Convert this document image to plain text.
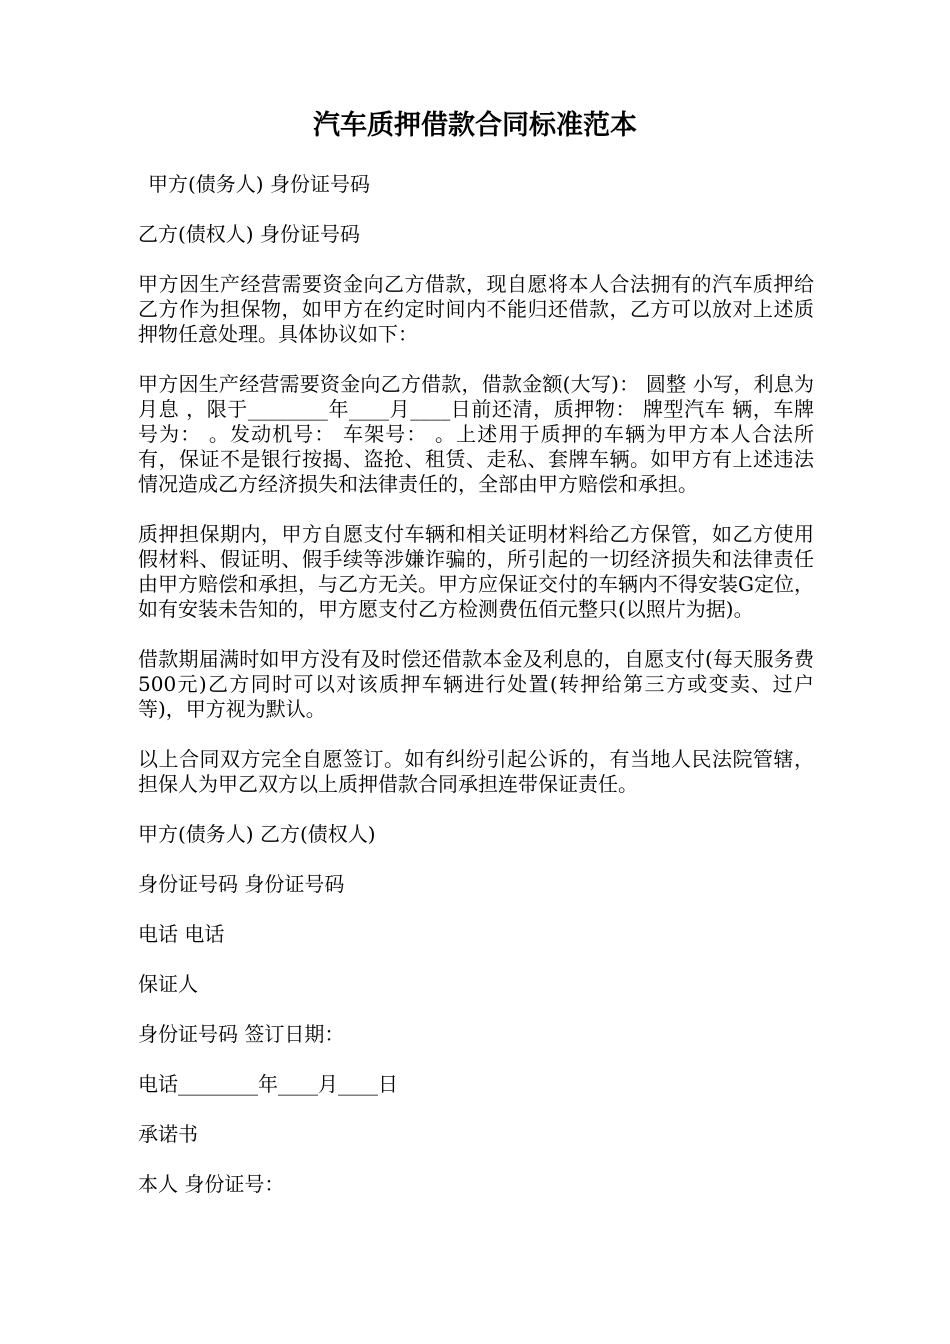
汽车质押借款合同标准范本

甲方(债务人) 身份证号码

乙方(债权人) 身份证号码

甲方因生产经营需要资金向乙方借款，现自愿将本人合法拥有的汽车质押给乙方作为担保物，如甲方在约定时间内不能归还借款，乙方可以放对上述质押物任意处理。具体协议如下：

甲方因生产经营需要资金向乙方借款，借款金额(大写)： 圆整 小写，利息为月息 ，限于________年____月____日前还清，质押物： 牌型汽车 辆，车牌号为： 。发动机号： 车架号： 。上述用于质押的车辆为甲方本人合法所有，保证不是银行按揭、盗抢、租赁、走私、套牌车辆。如甲方有上述违法情况造成乙方经济损失和法律责任的，全部由甲方赔偿和承担。

质押担保期内，甲方自愿支付车辆和相关证明材料给乙方保管，如乙方使用假材料、假证明、假手续等涉嫌诈骗的，所引起的一切经济损失和法律责任由甲方赔偿和承担，与乙方无关。甲方应保证交付的车辆内不得安装G定位，如有安装未告知的，甲方愿支付乙方检测费伍佰元整只(以照片为据)。

借款期届满时如甲方没有及时偿还借款本金及利息的，自愿支付(每天服务费500元)乙方同时可以对该质押车辆进行处置(转押给第三方或变卖、过户等)，甲方视为默认。

以上合同双方完全自愿签订。如有纠纷引起公诉的，有当地人民法院管辖，担保人为甲乙双方以上质押借款合同承担连带保证责任。

甲方(债务人) 乙方(债权人)

身份证号码 身份证号码

电话 电话

保证人

身份证号码 签订日期：

电话________年____月____日

承诺书

本人 身份证号：
